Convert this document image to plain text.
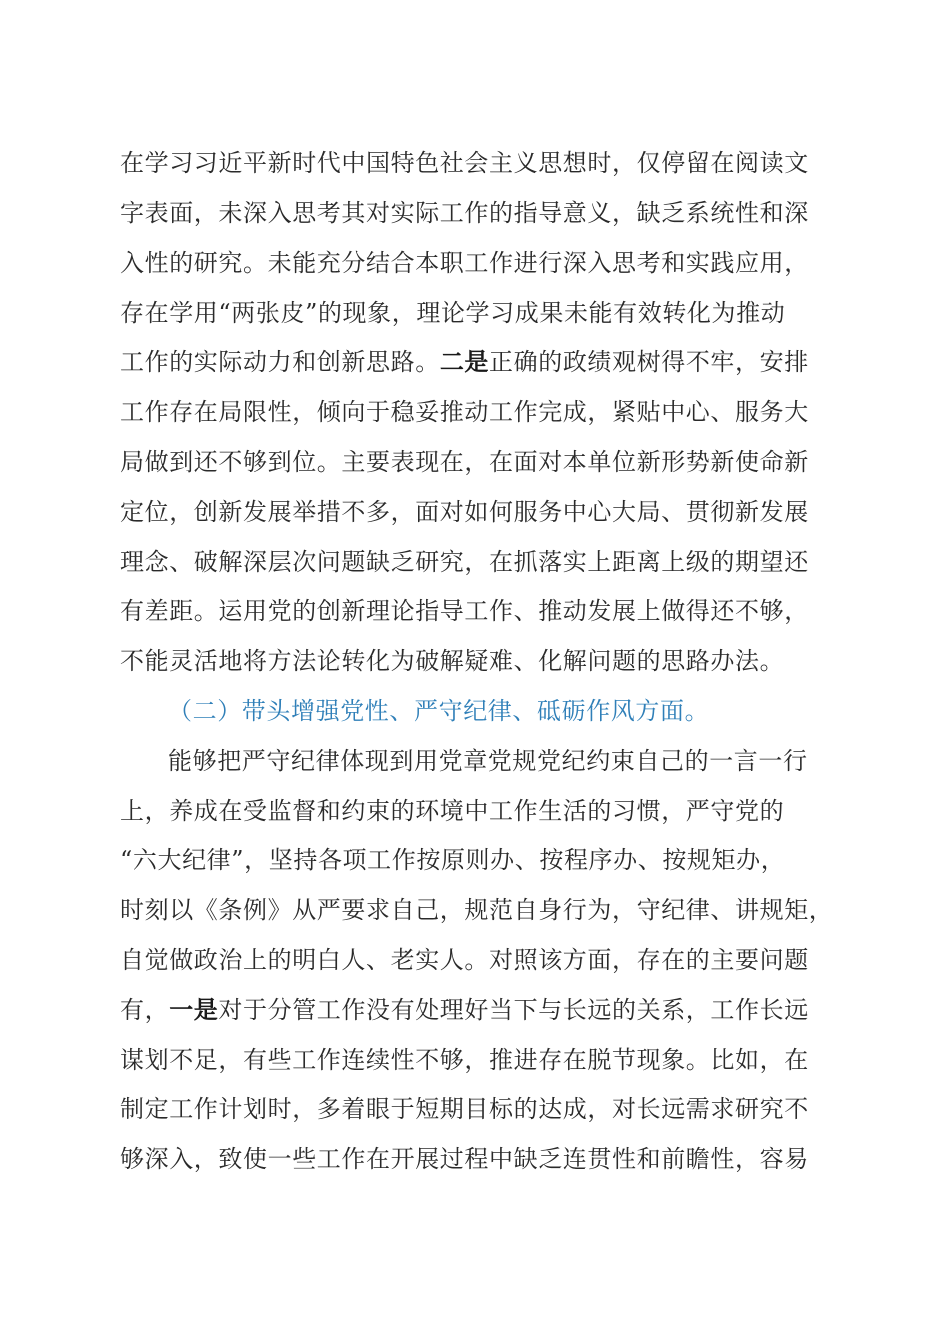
在学习习近平新时代中国特色社会主义思想时，仅停留在阅读文
字表面，未深入思考其对实际工作的指导意义，缺乏系统性和深
入性的研究。未能充分结合本职工作进行深入思考和实践应用，
存在学用“两张皮”的现象，理论学习成果未能有效转化为推动
工作的实际动力和创新思路。二是正确的政绩观树得不牢，安排
工作存在局限性，倾向于稳妥推动工作完成，紧贴中心、服务大
局做到还不够到位。主要表现在，在面对本单位新形势新使命新
定位，创新发展举措不多，面对如何服务中心大局、贯彻新发展
理念、破解深层次问题缺乏研究，在抓落实上距离上级的期望还
有差距。运用党的创新理论指导工作、推动发展上做得还不够，
不能灵活地将方法论转化为破解疑难、化解问题的思路办法。
（二）带头增强党性、严守纪律、砥砺作风方面。
能够把严守纪律体现到用党章党规党纪约束自己的一言一行
上，养成在受监督和约束的环境中工作生活的习惯，严守党的
“六大纪律”，坚持各项工作按原则办、按程序办、按规矩办，
时刻以《条例》从严要求自己，规范自身行为，守纪律、讲规矩，
自觉做政治上的明白人、老实人。对照该方面，存在的主要问题
有，一是对于分管工作没有处理好当下与长远的关系，工作长远
谋划不足，有些工作连续性不够，推进存在脱节现象。比如，在
制定工作计划时，多着眼于短期目标的达成，对长远需求研究不
够深入，致使一些工作在开展过程中缺乏连贯性和前瞻性，容易
